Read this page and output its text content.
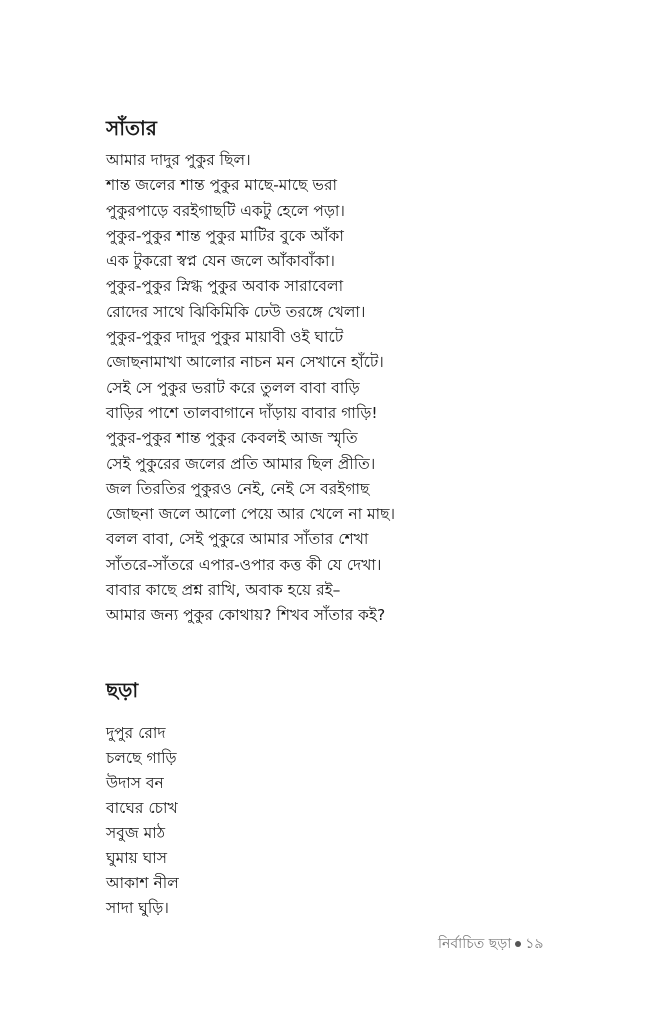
সাঁতার
আমার দাদুর পুকুর ছিল।
শান্ত জলের শান্ত পুকুর মাছে-মাছে ভরা
পুকুরপাড়ে বরইগাছটি একটু হেলে পড়া।
পুকুর-পুকুর শান্ত পুকুর মাটির বুকে আঁকা
এক টুকরো স্বপ্ন যেন জলে আঁকাবাঁকা।
পুকুর-পুকুর স্নিগ্ধ পুকুর অবাক সারাবেলা
রোদের সাথে ঝিকিমিকি ঢেউ তরঙ্গে খেলা।
পুকুর-পুকুর দাদুর পুকুর মায়াবী ওই ঘাটে
জোছনামাখা আলোর নাচন মন সেখানে হাঁটে।
সেই সে পুকুর ভরাট করে তুলল বাবা বাড়ি
বাড়ির পাশে তালবাগানে দাঁড়ায় বাবার গাড়ি!
পুকুর-পুকুর শান্ত পুকুর কেবলই আজ স্মৃতি
সেই পুকুরের জলের প্রতি আমার ছিল প্রীতি।
জল তিরতির পুকুরও নেই, নেই সে বরইগাছ
জোছনা জলে আলো পেয়ে আর খেলে না মাছ।
বলল বাবা, সেই পুকুরে আমার সাঁতার শেখা
সাঁতরে-সাঁতরে এপার-ওপার কত্ত কী যে দেখা।
বাবার কাছে প্রশ্ন রাখি, অবাক হয়ে রই–
আমার জন্য পুকুর কোথায়? শিখব সাঁতার কই?
ছড়া
দুপুর রোদ
চলছে গাড়ি
উদাস বন
বাঘের চোখ
সবুজ মাঠ
ঘুমায় ঘাস
আকাশ নীল
সাদা ঘুড়ি।
নির্বাচিত ছড়া ১৯
